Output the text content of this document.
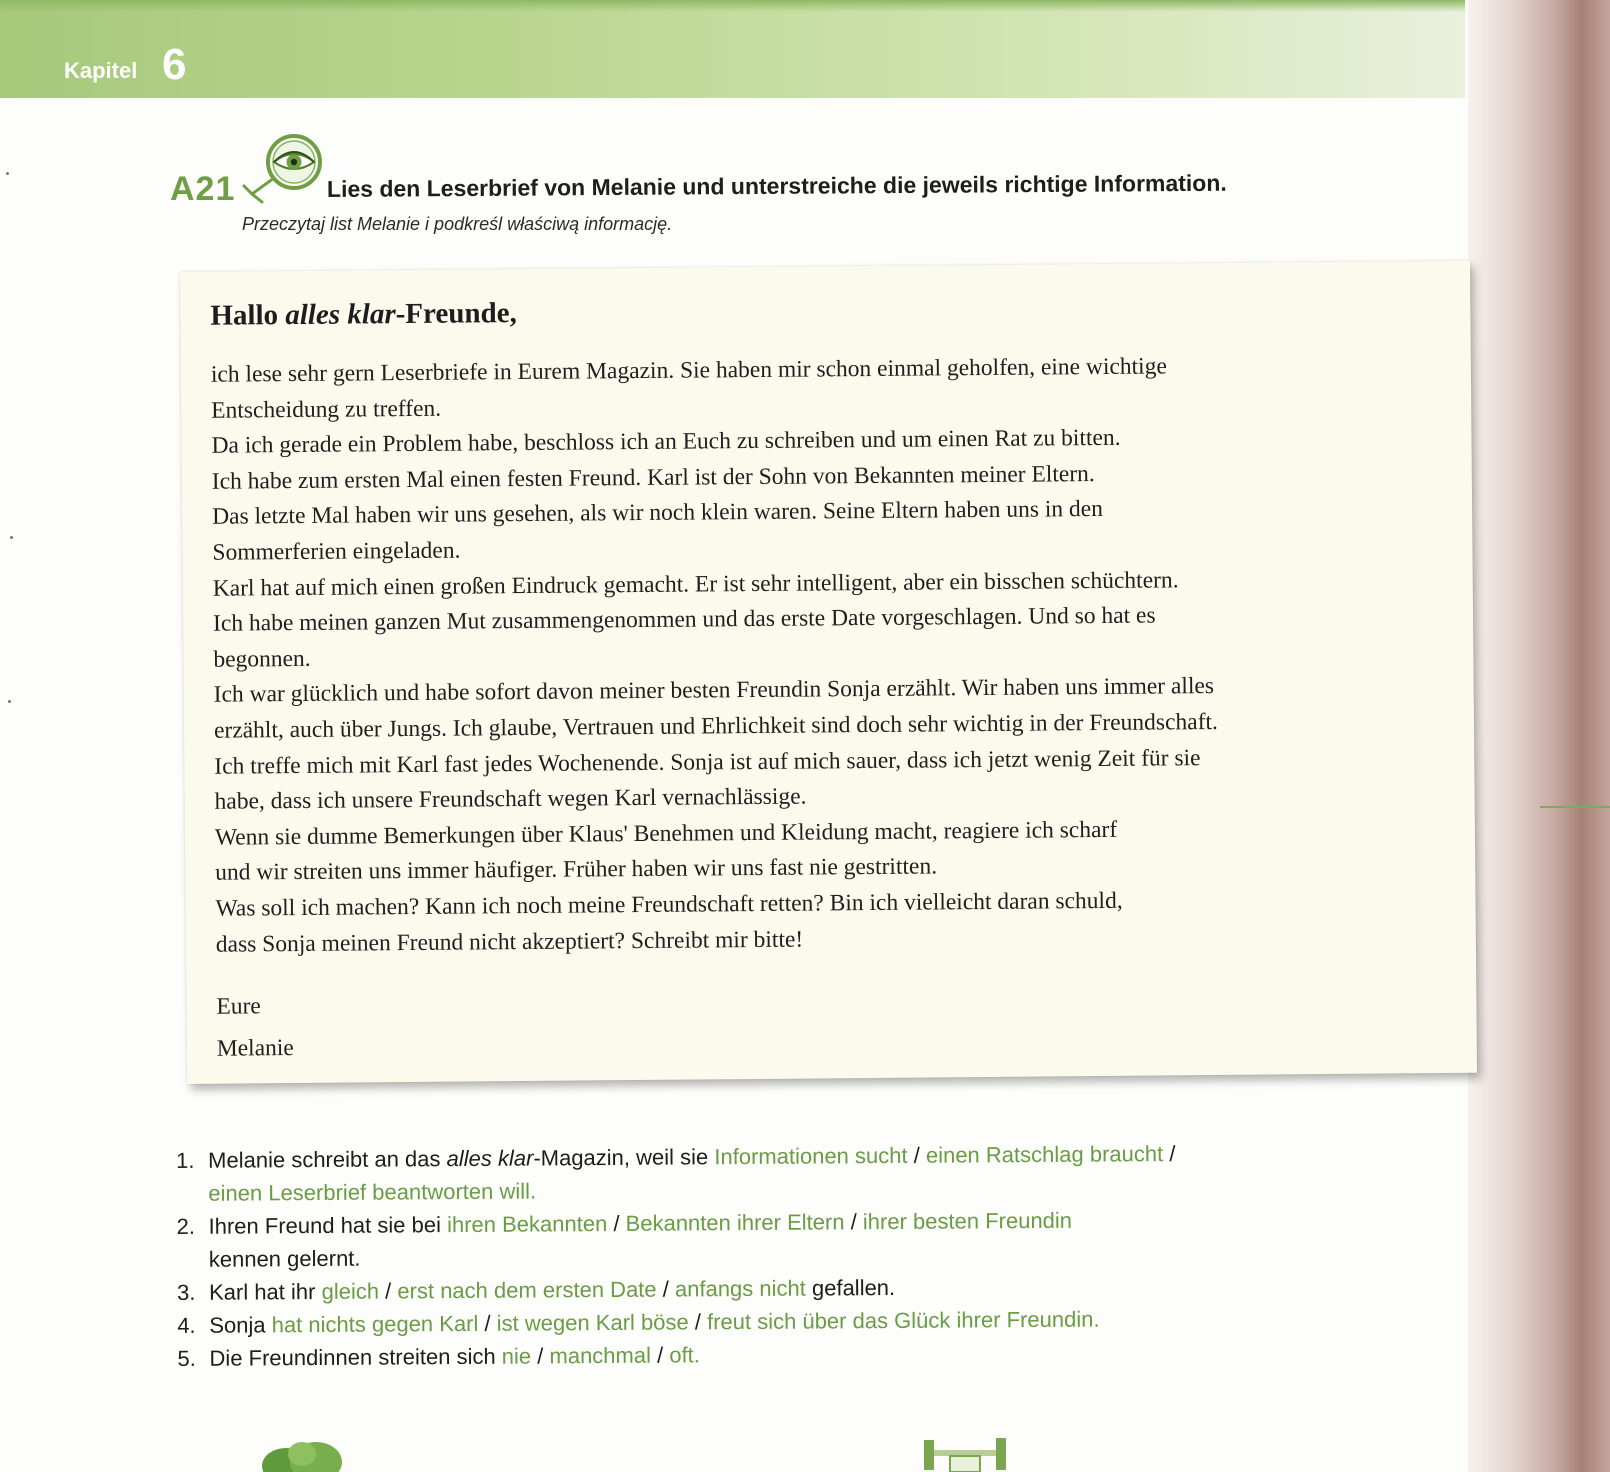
Kapitel 6
A21	Lies den Leserbrief von Melanie und unterstreiche die jeweils richtige Information.
Przeczytaj list Melanie i podkreśl właściwą informację.
Hallo alles klar-Freunde,
ich lese sehr gern Leserbriefe in Eurem Magazin. Sie haben mir schon einmal geholfen, eine wichtige
Entscheidung zu treffen.
Da ich gerade ein Problem habe, beschloss ich an Euch zu schreiben und um einen Rat zu bitten.
Ich habe zum ersten Mal einen festen Freund. Karl ist der Sohn von Bekannten meiner Eltern.
Das letzte Mal haben wir uns gesehen, als wir noch klein waren. Seine Eltern haben uns in den
Sommerferien eingeladen.
Karl hat auf mich einen großen Eindruck gemacht. Er ist sehr intelligent, aber ein bisschen schüchtern.
Ich habe meinen ganzen Mut zusammengenommen und das erste Date vorgeschlagen. Und so hat es
begonnen.
Ich war glücklich und habe sofort davon meiner besten Freundin Sonja erzählt. Wir haben uns immer alles
erzählt, auch über Jungs. Ich glaube, Vertrauen und Ehrlichkeit sind doch sehr wichtig in der Freundschaft.
Ich treffe mich mit Karl fast jedes Wochenende. Sonja ist auf mich sauer, dass ich jetzt wenig Zeit für sie
habe, dass ich unsere Freundschaft wegen Karl vernachlässige.
Wenn sie dumme Bemerkungen über Klaus' Benehmen und Kleidung macht, reagiere ich scharf
und wir streiten uns immer häufiger. Früher haben wir uns fast nie gestritten.
Was soll ich machen? Kann ich noch meine Freundschaft retten? Bin ich vielleicht daran schuld,
dass Sonja meinen Freund nicht akzeptiert? Schreibt mir bitte!
Eure
Melanie
1. Melanie schreibt an das alles klar-Magazin, weil sie Informationen sucht / einen Ratschlag braucht /
einen Leserbrief beantworten will.
2. Ihren Freund hat sie bei ihren Bekannten / Bekannten ihrer Eltern / ihrer besten Freundin
kennen gelernt.
3. Karl hat ihr gleich / erst nach dem ersten Date / anfangs nicht gefallen.
4. Sonja hat nichts gegen Karl / ist wegen Karl böse / freut sich über das Glück ihrer Freundin.
5. Die Freundinnen streiten sich nie / manchmal / oft.
